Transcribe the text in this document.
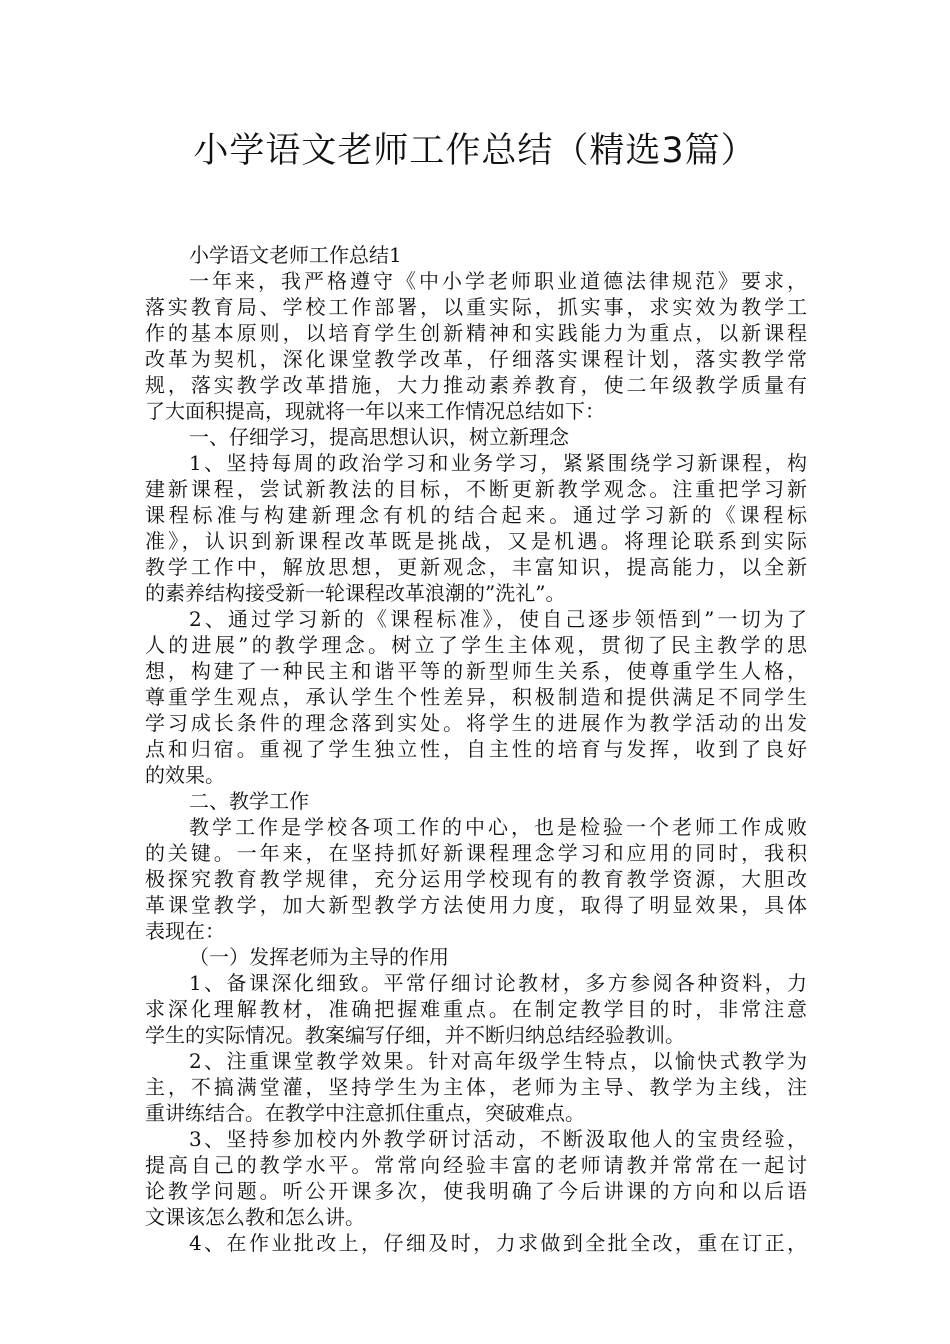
小学语文老师工作总结（精选3篇）
小学语文老师工作总结1
一年来，我严格遵守《中小学老师职业道德法律规范》要求，
落实教育局、学校工作部署，以重实际，抓实事，求实效为教学工
作的基本原则，以培育学生创新精神和实践能力为重点，以新课程
改革为契机，深化课堂教学改革，仔细落实课程计划，落实教学常
规，落实教学改革措施，大力推动素养教育，使二年级教学质量有
了大面积提高，现就将一年以来工作情况总结如下：
一、仔细学习，提高思想认识，树立新理念
1、坚持每周的政治学习和业务学习，紧紧围绕学习新课程，构
建新课程，尝试新教法的目标，不断更新教学观念。注重把学习新
课程标准与构建新理念有机的结合起来。通过学习新的《课程标
准》，认识到新课程改革既是挑战，又是机遇。将理论联系到实际
教学工作中，解放思想，更新观念，丰富知识，提高能力，以全新
的素养结构接受新一轮课程改革浪潮的”洗礼”。
2、通过学习新的《课程标准》，使自己逐步领悟到”一切为了
人的进展”的教学理念。树立了学生主体观，贯彻了民主教学的思
想，构建了一种民主和谐平等的新型师生关系，使尊重学生人格，
尊重学生观点，承认学生个性差异，积极制造和提供满足不同学生
学习成长条件的理念落到实处。将学生的进展作为教学活动的出发
点和归宿。重视了学生独立性，自主性的培育与发挥，收到了良好
的效果。
二、教学工作
教学工作是学校各项工作的中心，也是检验一个老师工作成败
的关键。一年来，在坚持抓好新课程理念学习和应用的同时，我积
极探究教育教学规律，充分运用学校现有的教育教学资源，大胆改
革课堂教学，加大新型教学方法使用力度，取得了明显效果，具体
表现在：
（一）发挥老师为主导的作用
1、备课深化细致。平常仔细讨论教材，多方参阅各种资料，力
求深化理解教材，准确把握难重点。在制定教学目的时，非常注意
学生的实际情况。教案编写仔细，并不断归纳总结经验教训。
2、注重课堂教学效果。针对高年级学生特点，以愉快式教学为
主，不搞满堂灌，坚持学生为主体，老师为主导、教学为主线，注
重讲练结合。在教学中注意抓住重点，突破难点。
3、坚持参加校内外教学研讨活动，不断汲取他人的宝贵经验，
提高自己的教学水平。常常向经验丰富的老师请教并常常在一起讨
论教学问题。听公开课多次，使我明确了今后讲课的方向和以后语
文课该怎么教和怎么讲。
4、在作业批改上，仔细及时，力求做到全批全改，重在订正，
